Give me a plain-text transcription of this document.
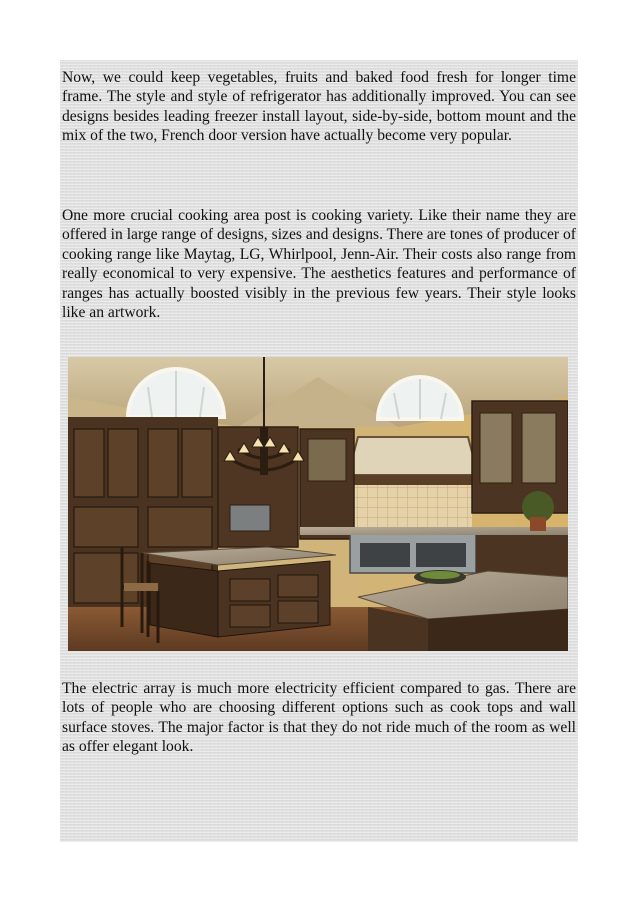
Now, we could keep vegetables, fruits and baked food fresh for longer time frame. The style and style of refrigerator has additionally improved. You can see designs besides leading freezer install layout, side-by-side, bottom mount and the mix of the two, French door version have actually become very popular.

One more crucial cooking area post is cooking variety. Like their name they are offered in large range of designs, sizes and designs. There are tones of producer of cooking range like Maytag, LG, Whirlpool, Jenn-Air. Their costs also range from really economical to very expensive. The aesthetics features and performance of ranges has actually boosted visibly in the previous few years. Their style looks like an artwork.

The electric array is much more electricity efficient compared to gas. There are lots of people who are choosing different options such as cook tops and wall surface stoves. The major factor is that they do not ride much of the room as well as offer elegant look.
